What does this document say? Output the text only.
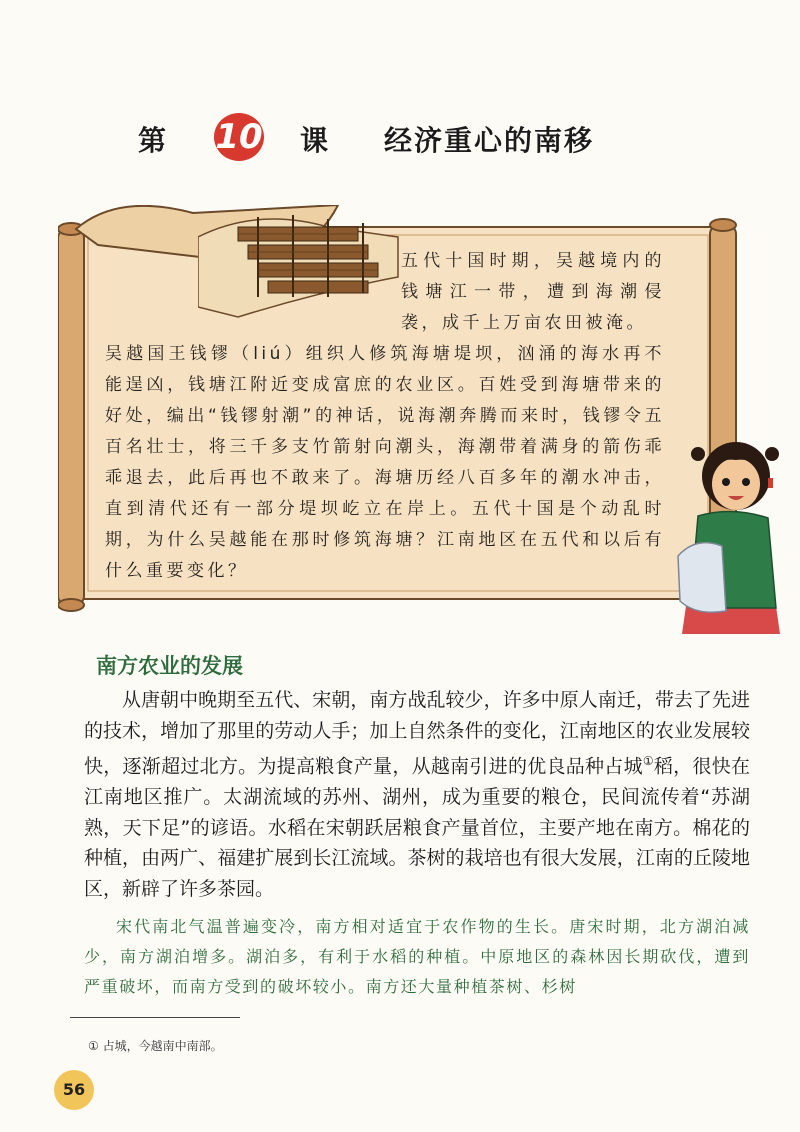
第 10 课 经济重心的南移
五代十国时期，吴越境内的钱塘江一带，遭到海潮侵袭，成千上万亩农田被淹。
吴越国王钱镠（liú）组织人修筑海塘堤坝，汹涌的海水再不能逞凶，钱塘江附近变成富庶的农业区。百姓受到海塘带来的好处，编出“钱镠射潮”的神话，说海潮奔腾而来时，钱镠令五百名壮士，将三千多支竹箭射向潮头，海潮带着满身的箭伤乖乖退去，此后再也不敢来了。海塘历经八百多年的潮水冲击，直到清代还有一部分堤坝屹立在岸上。五代十国是个动乱时期，为什么吴越能在那时修筑海塘？江南地区在五代和以后有什么重要变化？
南方农业的发展
从唐朝中晚期至五代、宋朝，南方战乱较少，许多中原人南迁，带去了先进的技术，增加了那里的劳动人手；加上自然条件的变化，江南地区的农业发展较快，逐渐超过北方。为提高粮食产量，从越南引进的优良品种占城①稻，很快在江南地区推广。太湖流域的苏州、湖州，成为重要的粮仓，民间流传着“苏湖熟，天下足”的谚语。水稻在宋朝跃居粮食产量首位，主要产地在南方。棉花的种植，由两广、福建扩展到长江流域。茶树的栽培也有很大发展，江南的丘陵地区，新辟了许多茶园。
宋代南北气温普遍变冷，南方相对适宜于农作物的生长。唐宋时期，北方湖泊减少，南方湖泊增多。湖泊多，有利于水稻的种植。中原地区的森林因长期砍伐，遭到严重破坏，而南方受到的破坏较小。南方还大量种植茶树、杉树
① 占城，今越南中南部。
56
